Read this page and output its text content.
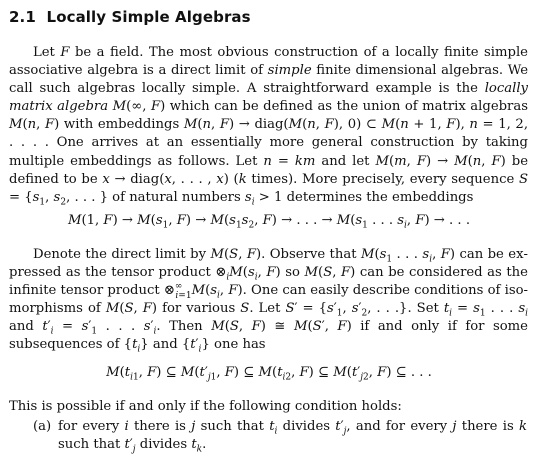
2.1 Locally Simple Algebras
Let F be a field. The most obvious construction of a locally finite simple associative algebra is a direct limit of simple finite dimensional algebras. We call such algebras locally simple. A straightforward example is the locally matrix algebra M(∞, F) which can be defined as the union of matrix algebras M(n, F) with embeddings M(n, F) → diag(M(n, F), 0) ⊂ M(n + 1, F), n = 1, 2, . . . . One arrives at an essentially more general construction by taking multiple embeddings as follows. Let n = km and let M(m, F) → M(n, F) be defined to be x → diag(x, . . . , x) (k times). More precisely, every sequence $S = \{s_1$, $s_2$, . . . } of natural numbers $s_i > 1$ determines the embeddings
M(1, $F) \to M(s_1$, $F) \to M(s_1s_2$, F) → . . . → $M(s_1$ . . . $s_i$, F) → . . .
Denote the direct limit by M(S, F). Observe that $M(s_1$ . . . $s_i$, F) can be expressed as the tensor product $\otimes_iM(s_i$, F) so M(S, F) can be considered as the infinite tensor product $\otimes^\infty_{i=1}M(s_i$, F). One can easily describe conditions of isomorphisms of M(S, F) for various S. Let $S' = \{s'_1$, $s'_2$, . . .}. Set $t_i = s_1$ . . . $s_i$ and $t'_i = s'_1$ . . . $s'_i$. Then M(S, F) ≅ M(S′, F) if and only if for some subsequences of $\{t_i\}$ and $\{t'_i\}$ one has
$M(t_{i1}$, F) ⊆ $M(t'_{j1}$, F) ⊆ $M(t_{i2}$, F) ⊆ $M(t'_{j2}$, F) ⊆ . . .
This is possible if and only if the following condition holds:
(a) for every i there is j such that $t_i$ divides $t'_j$, and for every j there is k such that $t'_j$ divides $t_k$.
